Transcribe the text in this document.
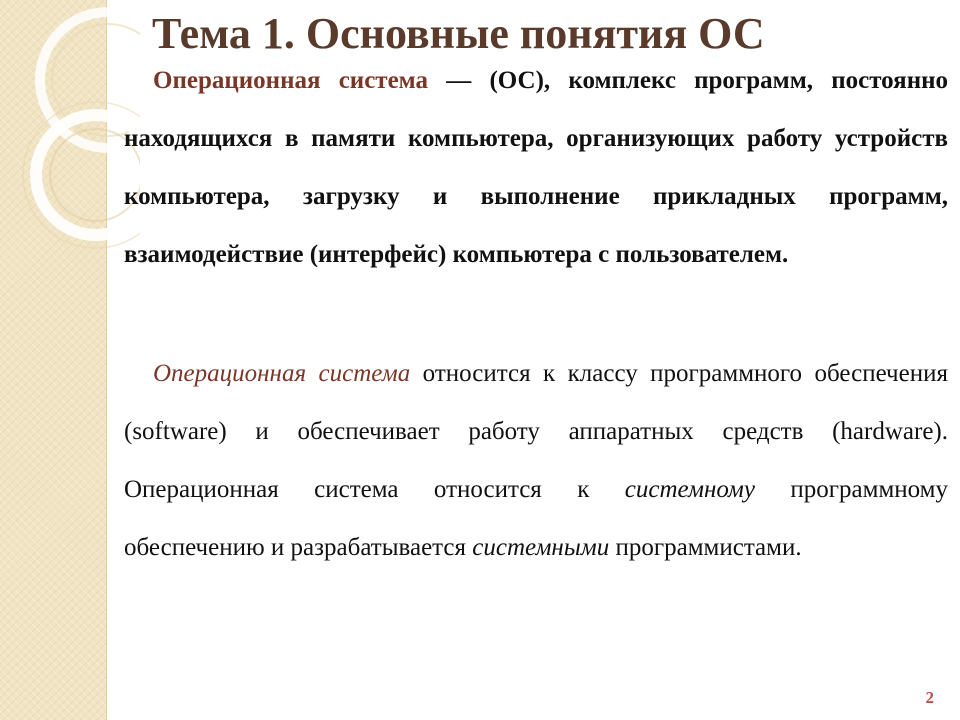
Тема 1. Основные понятия ОС

Операционная система — (ОС), комплекс программ, постоянно находящихся в памяти компьютера, организующих работу устройств компьютера, загрузку и выполнение прикладных программ, взаимодействие (интерфейс) компьютера с пользователем.

Операционная система относится к классу программного обеспечения (software) и обеспечивает работу аппаратных средств (hardware). Операционная система относится к системному программному обеспечению и разрабатывается системными программистами.

2
